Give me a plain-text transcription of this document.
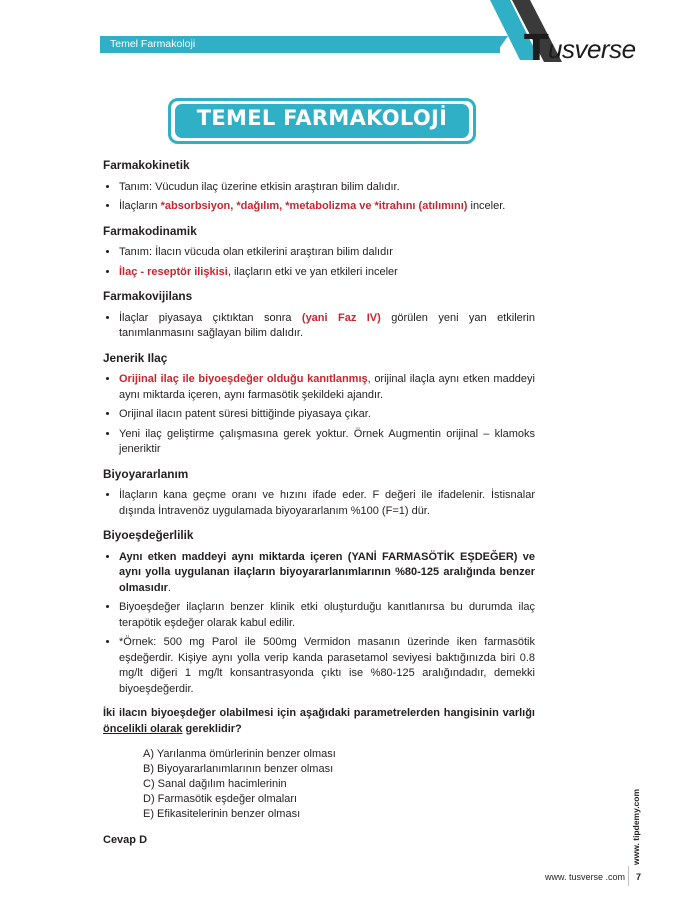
Temel Farmakoloji	T usverse
TEMEL FARMAKOLOJİ
Farmakokinetik
• Tanım: Vücudun ilaç üzerine etkisin araştıran bilim dalıdır.
• İlaçların *absorbsiyon, *dağılım, *metabolizma ve *itrahını (atılımını) inceler.
Farmakodinamik
• Tanım: İlacın vücuda olan etkilerini araştıran bilim dalıdır
• İlaç - reseptör ilişkisi, ilaçların etki ve yan etkileri inceler
Farmakovijilans
• İlaçlar piyasaya çıktıktan sonra (yani Faz IV) görülen yeni yan etkilerin tanımlanmasını sağlayan bilim dalıdır.
Jenerik Ilaç
• Orijinal ilaç ile biyoeşdeğer olduğu kanıtlanmış, orijinal ilaçla aynı etken maddeyi aynı miktarda içeren, aynı farmasötik şekildeki ajandır.
• Orijinal ilacın patent süresi bittiğinde piyasaya çıkar.
• Yeni ilaç geliştirme çalışmasına gerek yoktur. Örnek Augmentin orijinal – klamoks jeneriktir
Biyoyararlanım
• İlaçların kana geçme oranı ve hızını ifade eder. F değeri ile ifadelenir. İstisnalar dışında İntravenöz uygulamada biyoyararlanım %100 (F=1) dür.
Biyoeşdeğerlilik
• Aynı etken maddeyi aynı miktarda içeren (YANİ FARMASÖTİK EŞDEĞER) ve aynı yolla uygulanan ilaçların biyoyararlanımlarının %80-125 aralığında benzer olmasıdır.
• Biyoeşdeğer ilaçların benzer klinik etki oluşturduğu kanıtlanırsa bu durumda ilaç terapötik eşdeğer olarak kabul edilir.
• *Örnek: 500 mg Parol ile 500mg Vermidon masanın üzerinde iken farmasötik eşdeğerdir. Kişiye aynı yolla verip kanda parasetamol seviyesi baktığınızda biri 0.8 mg/lt diğeri 1 mg/lt konsantrasyonda çıktı ise %80-125 aralığındadır, demekki biyoeşdeğerdir.
İki ilacın biyoeşdeğer olabilmesi için aşağıdaki parametrelerden hangisinin varlığı öncelikli olarak gereklidir?
A) Yarılanma ömürlerinin benzer olması
B) Biyoyararlanımlarının benzer olması
C) Sanal dağılım hacimlerinin
D) Farmasötik eşdeğer olmaları
E) Efikasitelerinin benzer olması
Cevap D	www. tipdemy.com
www. tusverse .com 7
